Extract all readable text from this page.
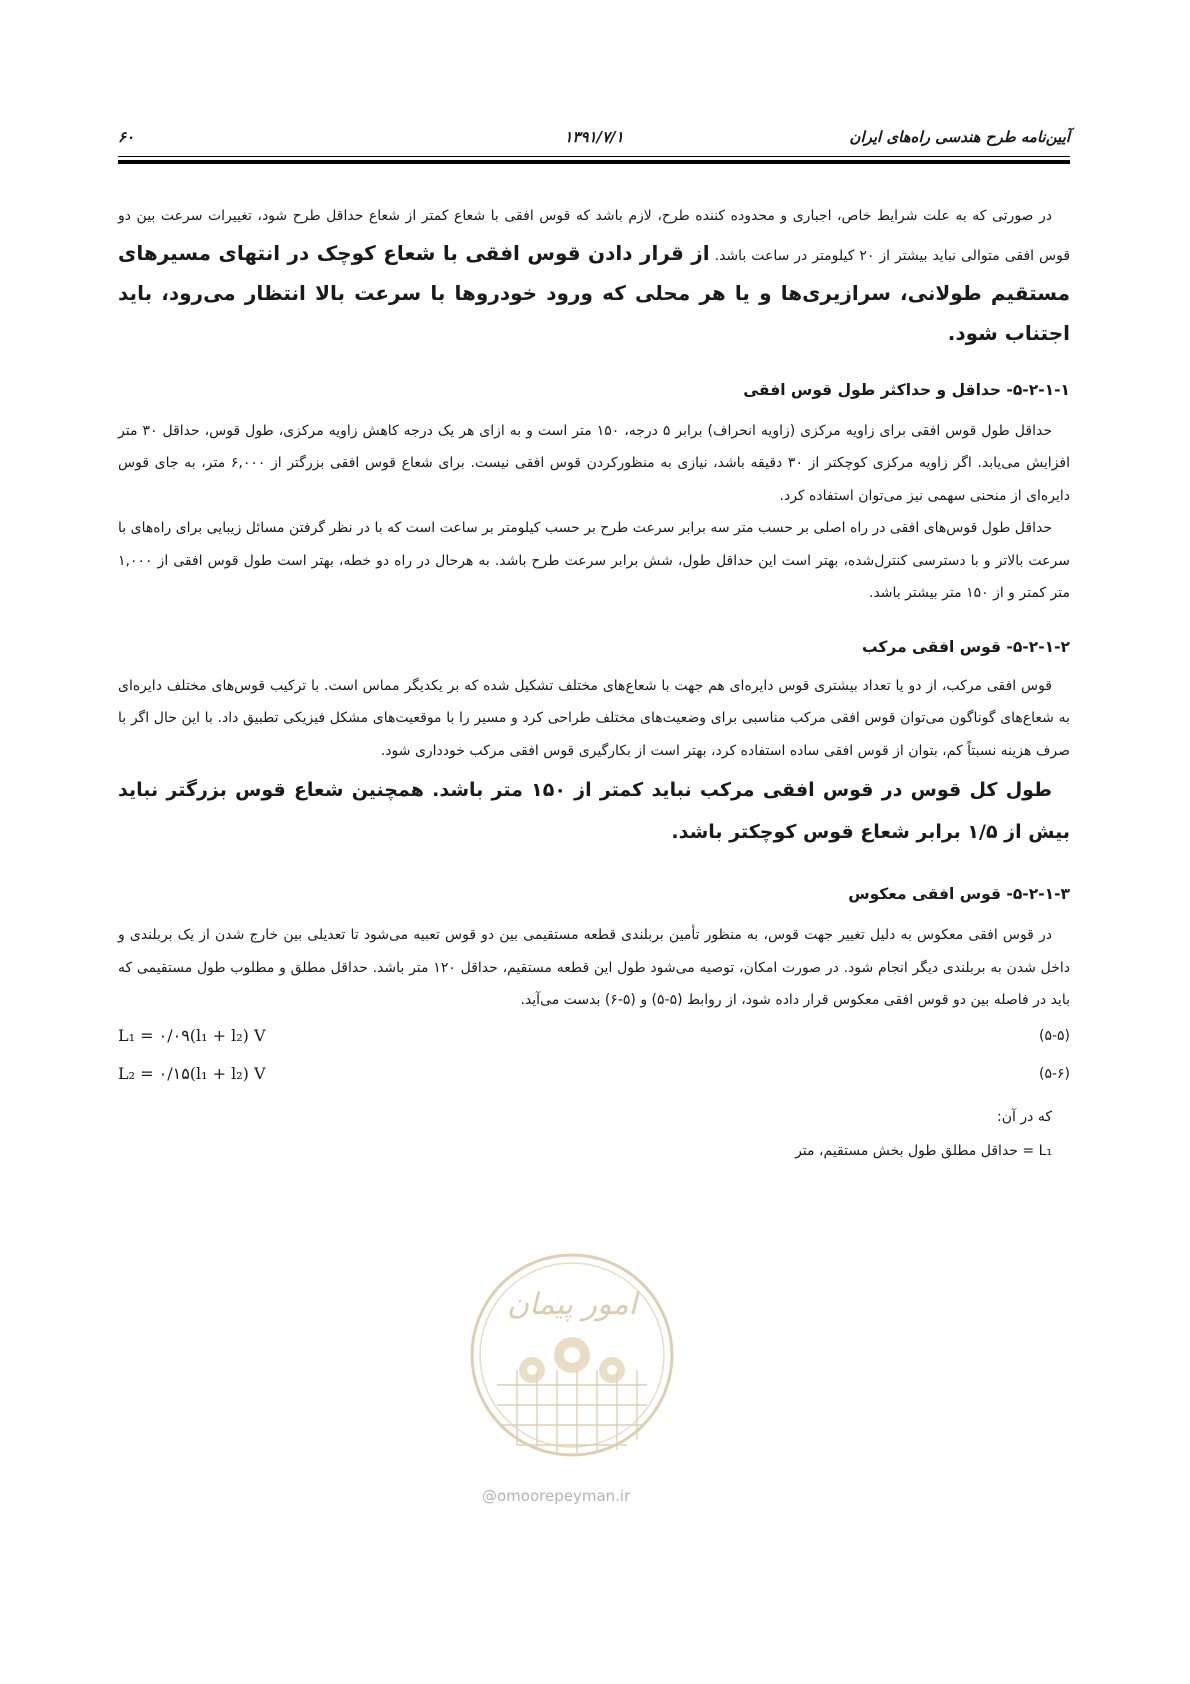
آیین‌نامه طرح هندسی راه‌های ایران
۱۳۹۱/۷/۱
۶۰

در صورتی که به علت شرایط خاص، اجباری و محدوده کننده طرح، لازم باشد که قوس افقی با شعاع کمتر از شعاع حداقل طرح شود، تغییرات سرعت بین دو قوس افقی متوالی نباید بیشتر از ۲۰ کیلومتر در ساعت باشد. از قرار دادن قوس افقی با شعاع کوچک در انتهای مسیرهای مستقیم طولانی، سرازیری‌ها و یا هر محلی که ورود خودروها با سرعت بالا انتظار می‌رود، باید اجتناب شود.

۵-۲-۱-۱- حداقل و حداکثر طول قوس افقی

حداقل طول قوس افقی برای زاویه مرکزی (زاویه انحراف) برابر ۵ درجه، ۱۵۰ متر است و به ازای هر یک درجه کاهش زاویه مرکزی، طول قوس، حداقل ۳۰ متر افزایش می‌یابد. اگر زاویه مرکزی کوچکتر از ۳۰ دقیقه باشد، نیازی به منظورکردن قوس افقی نیست. برای شعاع قوس افقی بزرگتر از ۶,۰۰۰ متر، به جای قوس دایره‌ای از منحنی سهمی نیز می‌توان استفاده کرد.

حداقل طول قوس‌های افقی در راه اصلی بر حسب متر سه برابر سرعت طرح بر حسب کیلومتر بر ساعت است که با در نظر گرفتن مسائل زیبایی برای راه‌های با سرعت بالاتر و با دسترسی کنترل‌شده، بهتر است این حداقل طول، شش برابر سرعت طرح باشد. به هرحال در راه دو خطه، بهتر است طول قوس افقی از ۱,۰۰۰ متر کمتر و از ۱۵۰ متر بیشتر باشد.

۵-۲-۱-۲- قوس افقی مرکب

قوس افقی مرکب، از دو یا تعداد بیشتری قوس دایره‌ای هم جهت با شعاع‌های مختلف تشکیل شده که بر یکدیگر مماس است. با ترکیب قوس‌های مختلف دایره‌ای به شعاع‌های گوناگون می‌توان قوس افقی مرکب مناسبی برای وضعیت‌های مختلف طراحی کرد و مسیر را با موقعیت‌های مشکل فیزیکی تطبیق داد. با این حال اگر با صرف هزینه نسبتاً کم، بتوان از قوس افقی ساده استفاده کرد، بهتر است از بکارگیری قوس افقی مرکب خودداری شود.

طول کل قوس در قوس افقی مرکب نباید کمتر از ۱۵۰ متر باشد. همچنین شعاع قوس بزرگتر نباید بیش از ۱/۵ برابر شعاع قوس کوچکتر باشد.

۵-۲-۱-۳- قوس افقی معکوس

در قوس افقی معکوس به دلیل تغییر جهت قوس، به منظور تأمین بربلندی قطعه مستقیمی بین دو قوس تعبیه می‌شود تا تعدیلی بین خارج شدن از یک بربلندی و داخل شدن به بربلندی دیگر انجام شود. در صورت امکان، توصیه می‌شود طول این قطعه مستقیم، حداقل ۱۲۰ متر باشد. حداقل مطلق و مطلوب طول مستقیمی که باید در فاصله بین دو قوس افقی معکوس قرار داده شود، از روابط (۵-۵) و (۵-۶) بدست می‌آید.

(۵-۵)
L₁ = ۰/۰۹(l₁ + l₂) V
(۵-۶)
L₂ = ۰/۱۵(l₁ + l₂) V

که در آن:

L₁ = حداقل مطلق طول بخش مستقیم، متر

امور پیمان
@omoorepeyman.ir
